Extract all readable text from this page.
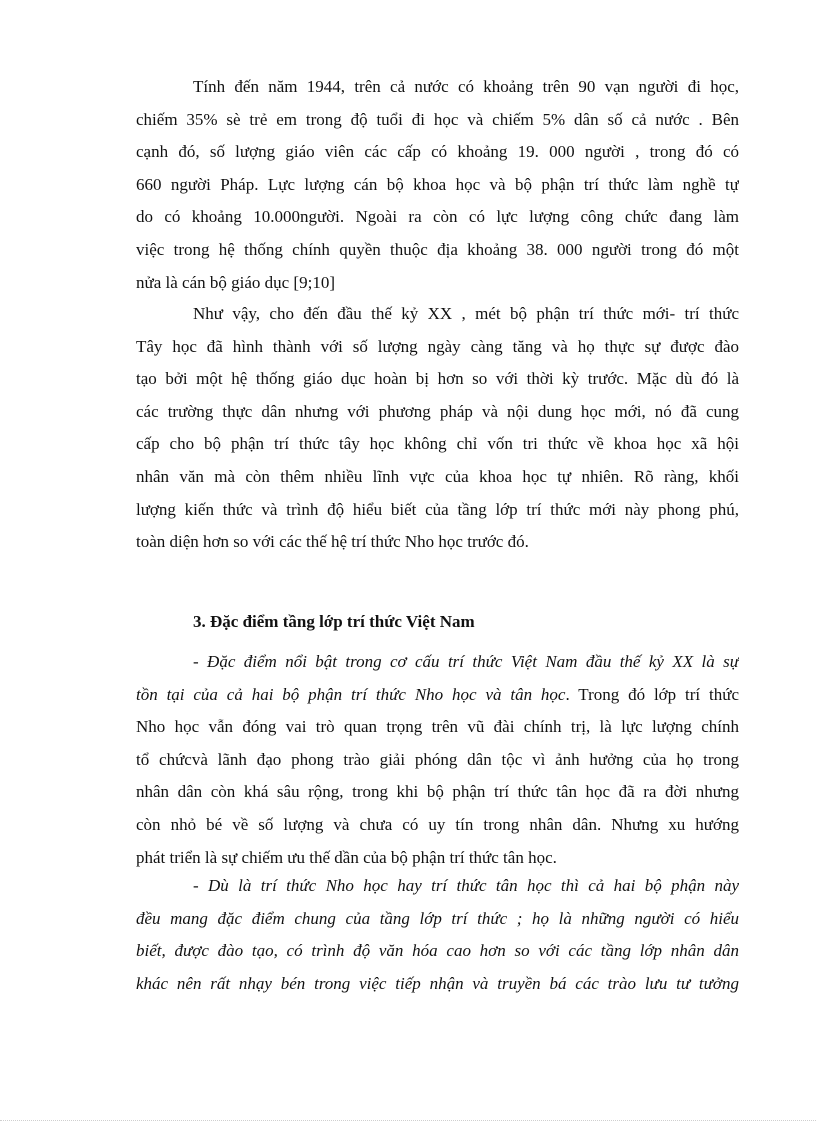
Tính đến năm 1944, trên cả nước có khoảng trên 90 vạn người đi học,
chiếm 35% sè trẻ em trong độ tuổi đi học và chiếm 5% dân số cả nước . Bên
cạnh đó, số lượng giáo viên các cấp có khoảng 19. 000 người , trong đó có
660 người Pháp. Lực lượng cán bộ khoa học và bộ phận trí thức làm nghề tự
do có khoảng 10.000người. Ngoài ra còn có lực lượng công chức đang làm
việc trong hệ thống chính quyền thuộc địa khoảng 38. 000 người trong đó một
nửa là cán bộ giáo dục [9;10]
Như vậy, cho đến đầu thế kỷ XX , mét bộ phận trí thức mới- trí thức
Tây học đã hình thành với số lượng ngày càng tăng và họ thực sự được đào
tạo bởi một hệ thống giáo dục hoàn bị hơn so với thời kỳ trước. Mặc dù đó là
các trường thực dân nhưng với phương pháp và nội dung học mới, nó đã cung
cấp cho bộ phận trí thức tây học không chỉ vốn tri thức về khoa học xã hội
nhân văn mà còn thêm nhiều lĩnh vực của khoa học tự nhiên. Rõ ràng, khối
lượng kiến thức và trình độ hiểu biết của tầng lớp trí thức mới này phong phú,
toàn diện hơn so với các thế hệ trí thức Nho học trước đó.
3. Đặc điểm tầng lớp trí thức Việt Nam
- Đặc điểm nổi bật trong cơ cấu trí thức Việt Nam đầu thế kỷ XX là sự
tồn tại của cả hai bộ phận trí thức Nho học và tân học. Trong đó lớp trí thức
Nho học vẫn đóng vai trò quan trọng trên vũ đài chính trị, là lực lượng chính
tổ chứcvà lãnh đạo phong trào giải phóng dân tộc vì ảnh hưởng của họ trong
nhân dân còn khá sâu rộng, trong khi bộ phận trí thức tân học đã ra đời nhưng
còn nhỏ bé về số lượng và chưa có uy tín trong nhân dân. Nhưng xu hướng
phát triển là sự chiếm ưu thế dần của bộ phận trí thức tân học.
- Dù là trí thức Nho học hay trí thức tân học thì cả hai bộ phận này
đều mang đặc điểm chung của tầng lớp trí thức ; họ là những người có hiểu
biết, được đào tạo, có trình độ văn hóa cao hơn so với các tầng lớp nhân dân
khác nên rất nhạy bén trong việc tiếp nhận và truyền bá các trào lưu tư tưởng
